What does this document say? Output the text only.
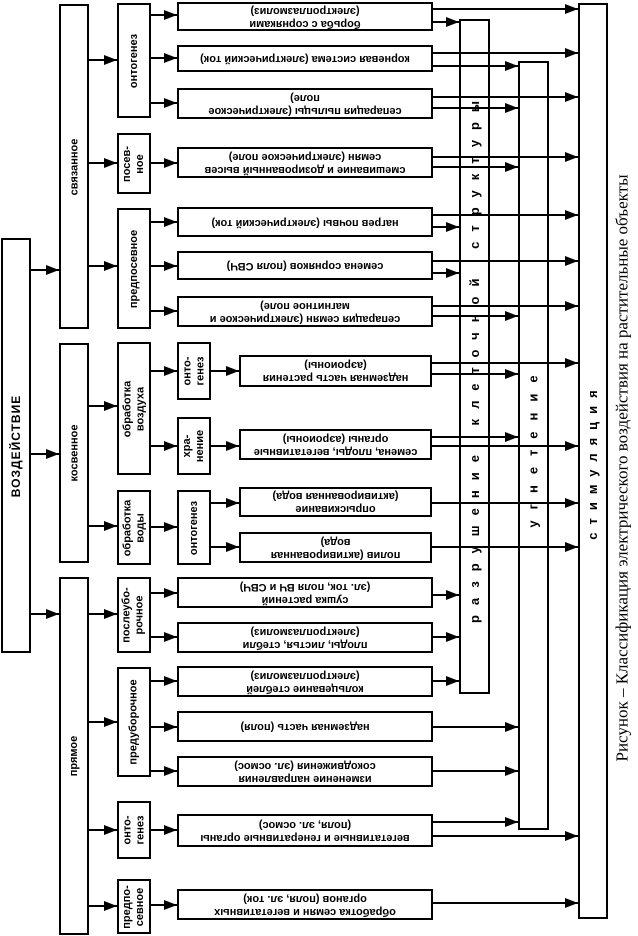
ВОЗДЕЙСТВИЕ
связанное
косвенное
прямое
онтогенез
посев- ное
предпосевное
обработка воздуха
обработка воды
послеубо- рочное
предуборочное
онто- генез
предпо- севное
онто- генез
хра- нение
онтогенез
борьба с сорняками
(электроплазмолиз)
корневая система (электрический ток)
сепарация пыльцы (электрическое
поле)
смешивание и дозированный высев
семян (электрическое поле)
нагрев почвы (электрический ток)
семена сорняков (поля СВЧ)
сепарация семян (электрическое и
магнитное поле)
надземная часть растения
(аэроионы)
семена, плоды, вегетативные
органы (аэроионы)
опрыскивание
(активированная вода)
полив (активированная
вода)
сушка растений
(эл. ток, поля ВЧ и СВЧ)
плоды, листья, стебли
(электроплазмолиз)
кольцевание стеблей
(электроплазмолиз)
надземная часть (поля)
изменение направления
сокодвижения (эл. осмос)
вегетативные и генеративные органы
(поля, эл. осмос)
обработка семян и вегетативных
органов (поля, эл. ток)
разрушение клеточной структуры	угнетение	стимуляция Рисунок – Классификация электрического воздействия на растительные объекты
